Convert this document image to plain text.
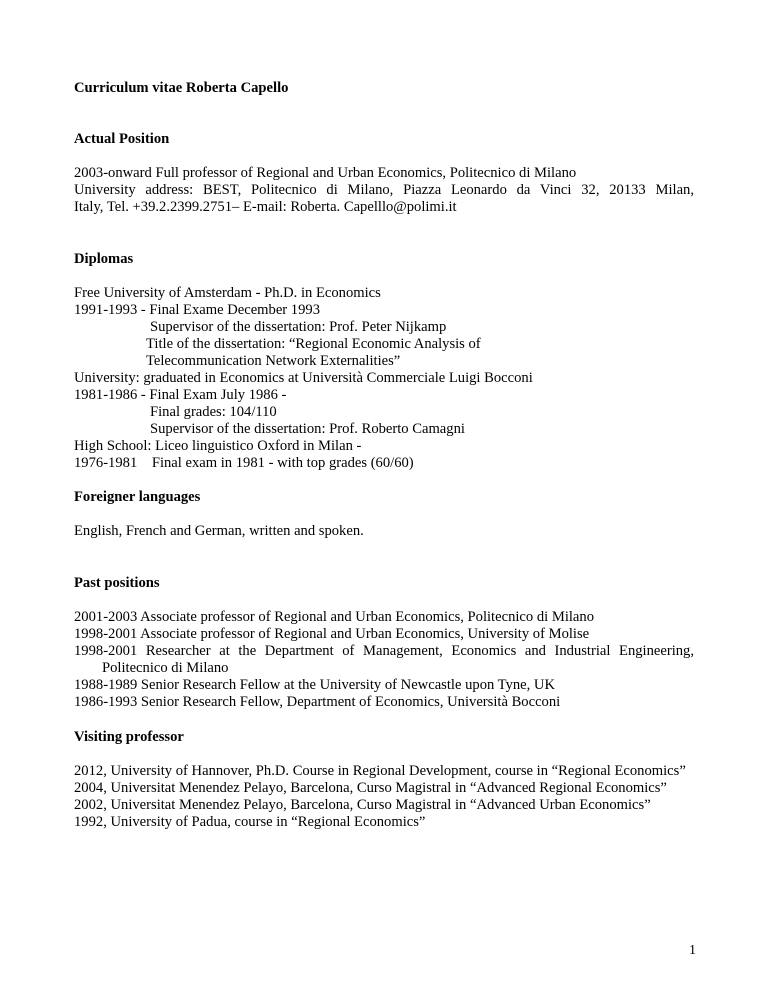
Curriculum vitae Roberta Capello

Actual Position
2003-onward Full professor of Regional and Urban Economics, Politecnico di Milano
University address: BEST, Politecnico di Milano, Piazza Leonardo da Vinci 32, 20133 Milan,
Italy, Tel. +39.2.2399.2751– E-mail: Roberta. Capelllo@polimi.it
Diplomas
Free University of Amsterdam - Ph.D. in Economics
1991-1993 - Final Exame December 1993
Supervisor of the dissertation: Prof. Peter Nijkamp
Title of the dissertation: “Regional Economic Analysis of
Telecommunication Network Externalities”
University: graduated in Economics at Università Commerciale Luigi Bocconi
1981-1986 - Final Exam July 1986 -
Final grades: 104/110
Supervisor of the dissertation: Prof. Roberto Camagni
High School: Liceo linguistico Oxford in Milan -
1976-1981    Final exam in 1981 - with top grades (60/60)
Foreigner languages
English, French and German, written and spoken.
Past positions
2001-2003 Associate professor of Regional and Urban Economics, Politecnico di Milano
1998-2001 Associate professor of Regional and Urban Economics, University of Molise
1998-2001 Researcher at the Department of Management, Economics and Industrial Engineering, Politecnico di Milano
1988-1989 Senior Research Fellow at the University of Newcastle upon Tyne, UK
1986-1993 Senior Research Fellow, Department of Economics, Università Bocconi
Visiting professor
2012, University of Hannover, Ph.D. Course in Regional Development, course in “Regional Economics”
2004, Universitat Menendez Pelayo, Barcelona, Curso Magistral in “Advanced Regional Economics”
2002, Universitat Menendez Pelayo, Barcelona, Curso Magistral in “Advanced Urban Economics”
1992, University of Padua, course in “Regional Economics”
1
